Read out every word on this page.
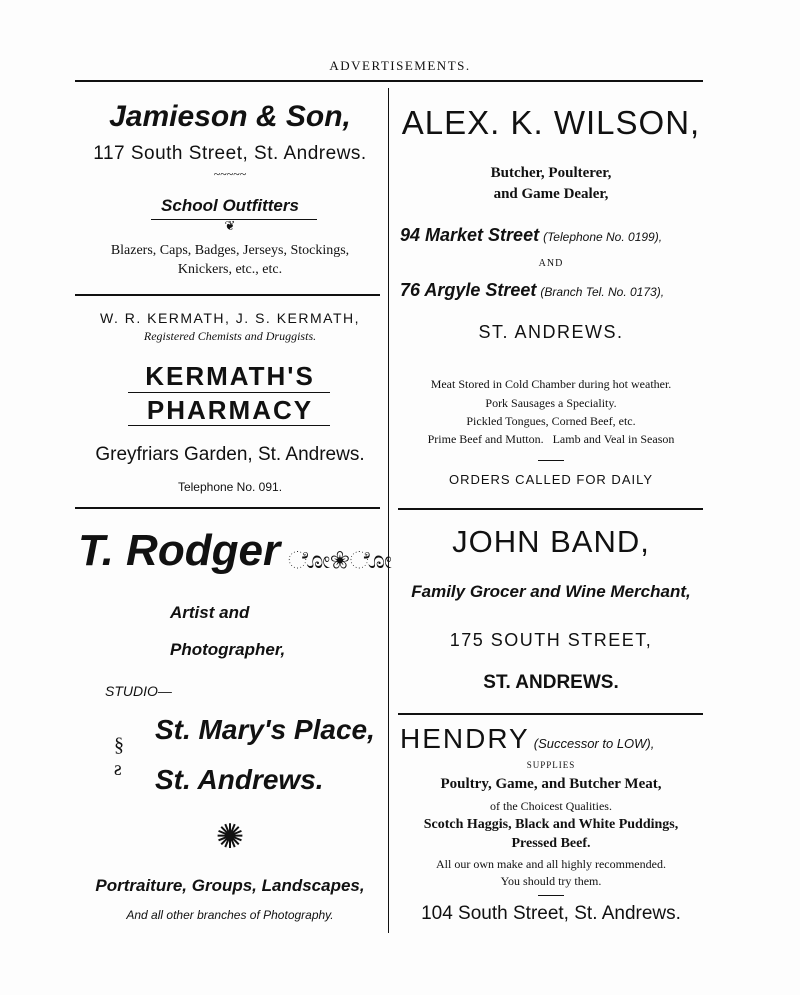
ADVERTISEMENTS.
Jamieson & Son,
117 South Street, St. Andrews.
~~~~~
School Outfitters
❦
Blazers, Caps, Badges, Jerseys, Stockings,
Knickers, etc., etc.
W. R. KERMATH, J. S. KERMATH,
Registered Chemists and Druggists.
KERMATH'S
PHARMACY
Greyfriars Garden, St. Andrews.
Telephone No. 091.
T. Rodger ೋ❀ೋ
Artist and
Photographer,
STUDIO—
St. Mary's Place,
St. Andrews.
§
ƨ
✺
Portraiture, Groups, Landscapes,
And all other branches of Photography.
ALEX. K. WILSON,
Butcher, Poulterer,
and Game Dealer,
94 Market Street (Telephone No. 0199),
AND
76 Argyle Street (Branch Tel. No. 0173),
ST. ANDREWS.
Meat Stored in Cold Chamber during hot weather.
Pork Sausages a Speciality.
Pickled Tongues, Corned Beef, etc.
Prime Beef and Mutton.   Lamb and Veal in Season
ORDERS CALLED FOR DAILY
JOHN BAND,
Family Grocer and Wine Merchant,
175 SOUTH STREET,
ST. ANDREWS.
HENDRY (Successor to LOW),
SUPPLIES
Poultry, Game, and Butcher Meat,
of the Choicest Qualities.
Scotch Haggis, Black and White Puddings,
Pressed Beef.
All our own make and all highly recommended.
You should try them.
104 South Street, St. Andrews.
